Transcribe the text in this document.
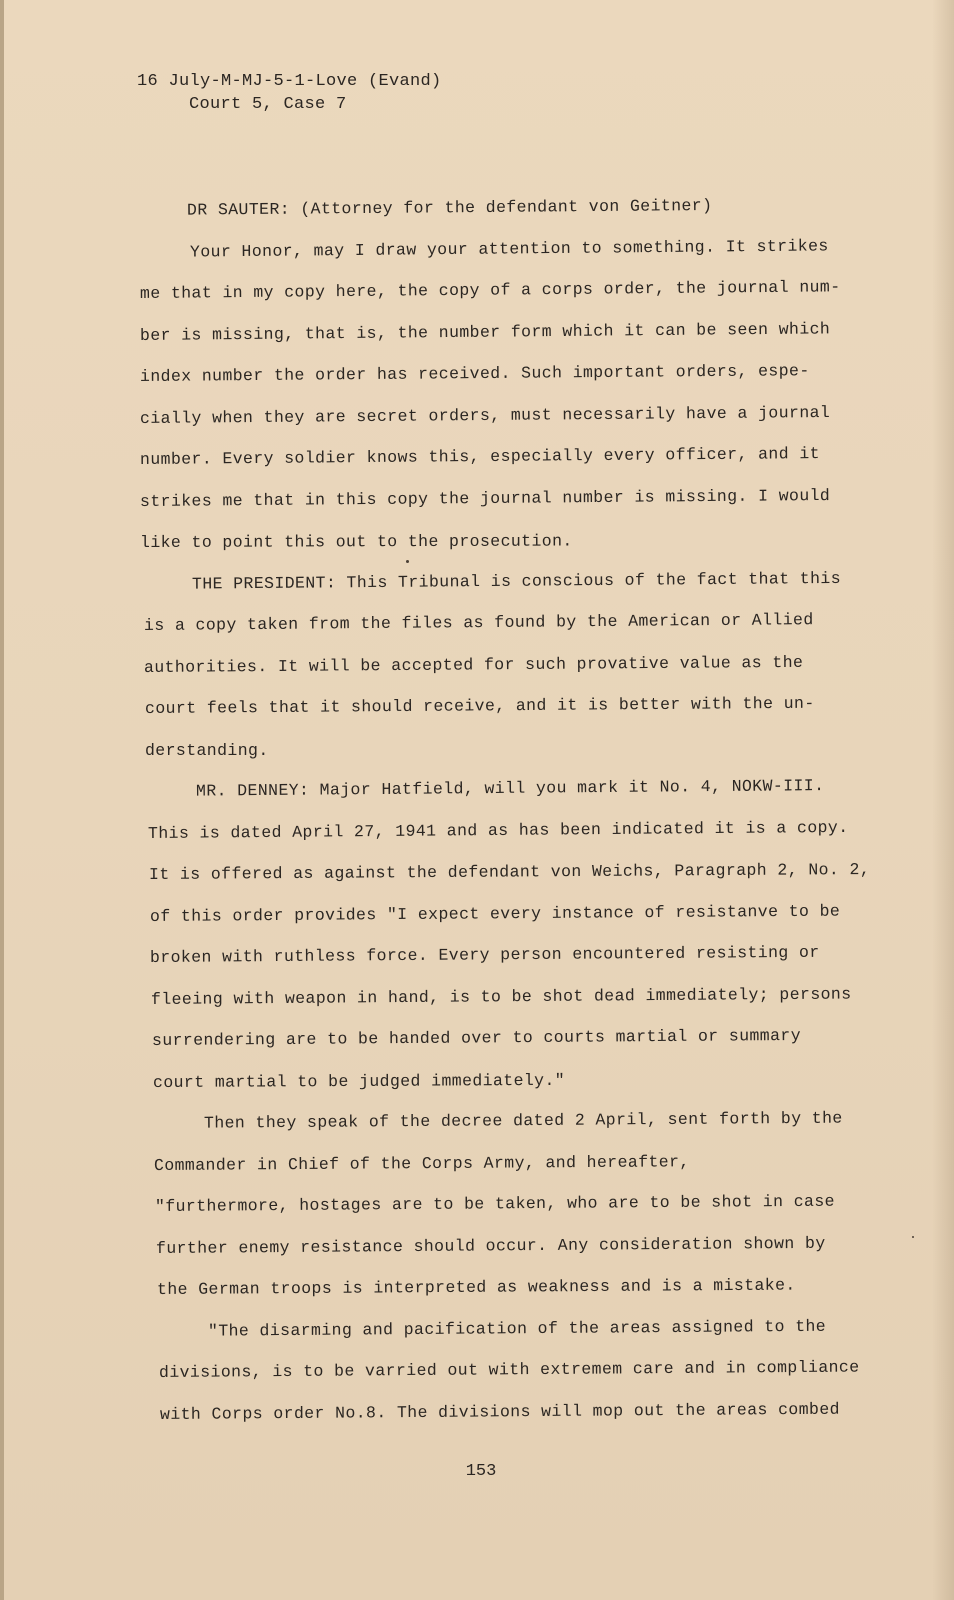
16 July-M-MJ-5-1-Love (Evand)

Court 5, Case 7

DR SAUTER: (Attorney for the defendant von Geitner)
Your Honor, may I draw your attention to something. It strikes
me that in my copy here, the copy of a corps order, the journal num-
ber is missing, that is, the number form which it can be seen which
index number the order has received. Such important orders, espe-
cially when they are secret orders, must necessarily have a journal
number. Every soldier knows this, especially every officer, and it
strikes me that in this copy the journal number is missing. I would
like to point this out to the prosecution.
THE PRESIDENT: This Tribunal is conscious of the fact that this
is a copy taken from the files as found by the American or Allied
authorities. It will be accepted for such provative value as the
court feels that it should receive, and it is better with the un-
derstanding.
MR. DENNEY: Major Hatfield, will you mark it No. 4, NOKW-III.
This is dated April 27, 1941 and as has been indicated it is a copy.
It is offered as against the defendant von Weichs, Paragraph 2, No. 2,
of this order provides "I expect every instance of resistanve to be
broken with ruthless force. Every person encountered resisting or
fleeing with weapon in hand, is to be shot dead immediately; persons
surrendering are to be handed over to courts martial or summary
court martial to be judged immediately."
Then they speak of the decree dated 2 April, sent forth by the
Commander in Chief of the Corps Army, and hereafter,
"furthermore, hostages are to be taken, who are to be shot in case
further enemy resistance should occur. Any consideration shown by
the German troops is interpreted as weakness and is a mistake.
"The disarming and pacification of the areas assigned to the
divisions, is to be varried out with extremem care and in compliance
with Corps order No.8. The divisions will mop out the areas combed
153
